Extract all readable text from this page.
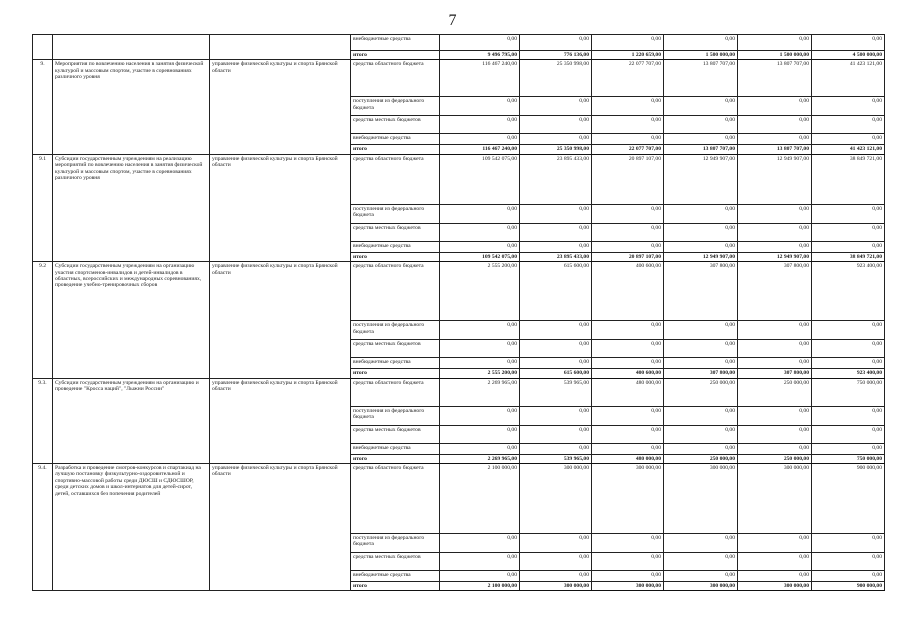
7
			внебюджетные средства	0,00	0,00	0,00	0,00	0,00	0,00
			итого	9 496 795,00	776 136,00	1 220 659,00	1 500 000,00	1 500 000,00	4 500 000,00
9.	Мероприятия по вовлечению населения в занятия физической культурой и массовым спортом, участие в соревнованиях различного уровня	управление физической культуры и спорта Брянской области	средства областного бюджета	116 467 240,00	25 350 998,00	22 077 707,00	13 807 707,00	13 807 707,00	41 423 121,00
			поступления из федерального бюджета	0,00	0,00	0,00	0,00	0,00	0,00
			средства местных бюджетов	0,00	0,00	0,00	0,00	0,00	0,00
			внебюджетные средства	0,00	0,00	0,00	0,00	0,00	0,00
			итого	116 467 240,00	25 350 998,00	22 077 707,00	13 807 707,00	13 807 707,00	41 423 121,00
9.1	Субсидии государственным учреждениям на реализацию мероприятий по вовлечению населения в занятия физической культурой и массовым спортом, участие в соревнованиях различного уровня	управление физической культуры и спорта Брянской области	средства областного бюджета	109 542 075,00	23 895 433,00	20 897 107,00	12 949 907,00	12 949 907,00	38 849 721,00
			поступления из федерального бюджета	0,00	0,00	0,00	0,00	0,00	0,00
			средства местных бюджетов	0,00	0,00	0,00	0,00	0,00	0,00
			внебюджетные средства	0,00	0,00	0,00	0,00	0,00	0,00
			итого	109 542 075,00	23 895 433,00	20 897 107,00	12 949 907,00	12 949 907,00	38 849 721,00
9.2	Субсидии государственным учреждениям на организацию участия спортсменов-инвалидов и детей-инвалидов в областных, всероссийских и международных соревнованиях, проведение учебно-тренировочных сборов	управление физической культуры и спорта Брянской области	средства областного бюджета	2 555 200,00	615 600,00	400 600,00	307 800,00	307 800,00	923 400,00
			поступления из федерального бюджета	0,00	0,00	0,00	0,00	0,00	0,00
			средства местных бюджетов	0,00	0,00	0,00	0,00	0,00	0,00
			внебюджетные средства	0,00	0,00	0,00	0,00	0,00	0,00
			итого	2 555 200,00	615 600,00	400 600,00	307 800,00	307 800,00	923 400,00
9.3.	Субсидии государственным учреждениям на организацию и проведение "Кросса наций", "Лыжни России"	управление физической культуры и спорта Брянской области	средства областного бюджета	2 269 965,00	539 965,00	480 000,00	250 000,00	250 000,00	750 000,00
			поступления из федерального бюджета	0,00	0,00	0,00	0,00	0,00	0,00
			средства местных бюджетов	0,00	0,00	0,00	0,00	0,00	0,00
			внебюджетные средства	0,00	0,00	0,00	0,00	0,00	0,00
			итого	2 269 965,00	539 965,00	480 000,00	250 000,00	250 000,00	750 000,00
9.4.	Разработка и проведение смотров-конкурсов и спартакиад на лучшую постановку физкультурно-оздоровительной и спортивно-массовой работы среди ДЮСШ и СДЮСШОР, среди детских домов и школ-интернатов для детей-сирот, детей, оставшихся без попечения родителей	управление физической культуры и спорта Брянской области	средства областного бюджета	2 100 000,00	300 000,00	300 000,00	300 000,00	300 000,00	900 000,00
			поступления из федерального бюджета	0,00	0,00	0,00	0,00	0,00	0,00
			средства местных бюджетов	0,00	0,00	0,00	0,00	0,00	0,00
			внебюджетные средства	0,00	0,00	0,00	0,00	0,00	0,00
			итого	2 100 000,00	300 000,00	300 000,00	300 000,00	300 000,00	900 000,00
